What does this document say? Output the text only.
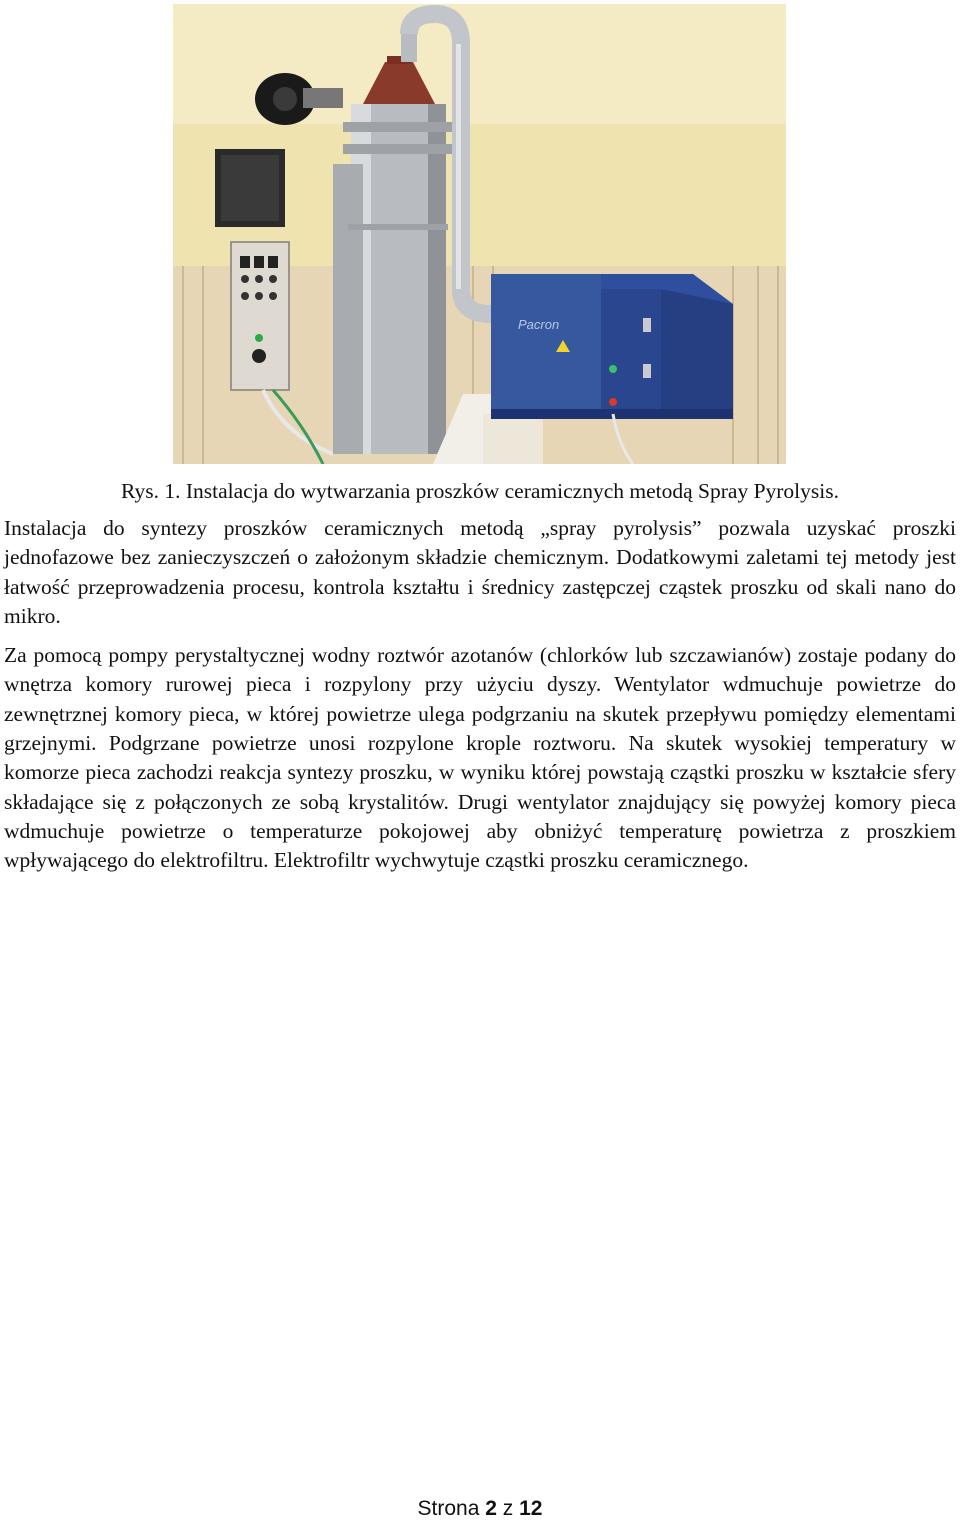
Pacron
Rys. 1. Instalacja do wytwarzania proszków ceramicznych metodą Spray Pyrolysis.

Instalacja do syntezy proszków ceramicznych metodą „spray pyrolysis” pozwala uzyskać proszki jednofazowe bez zanieczyszczeń o założonym składzie chemicznym. Dodatkowymi zaletami tej metody jest łatwość przeprowadzenia procesu, kontrola kształtu i średnicy zastępczej cząstek proszku od skali nano do mikro.

Za pomocą pompy perystaltycznej wodny roztwór azotanów (chlorków lub szczawianów) zostaje podany do wnętrza komory rurowej pieca i rozpylony przy użyciu dyszy. Wentylator wdmuchuje powietrze do zewnętrznej komory pieca, w której powietrze ulega podgrzaniu na skutek przepływu pomiędzy elementami grzejnymi. Podgrzane powietrze unosi rozpylone krople roztworu. Na skutek wysokiej temperatury w komorze pieca zachodzi reakcja syntezy proszku, w wyniku której powstają cząstki proszku w kształcie sfery składające się z połączonych ze sobą krystalitów. Drugi wentylator znajdujący się powyżej komory pieca wdmuchuje powietrze o temperaturze pokojowej aby obniżyć temperaturę powietrza z proszkiem wpływającego do elektrofiltru. Elektrofiltr wychwytuje cząstki proszku ceramicznego.

Strona 2 z 12
